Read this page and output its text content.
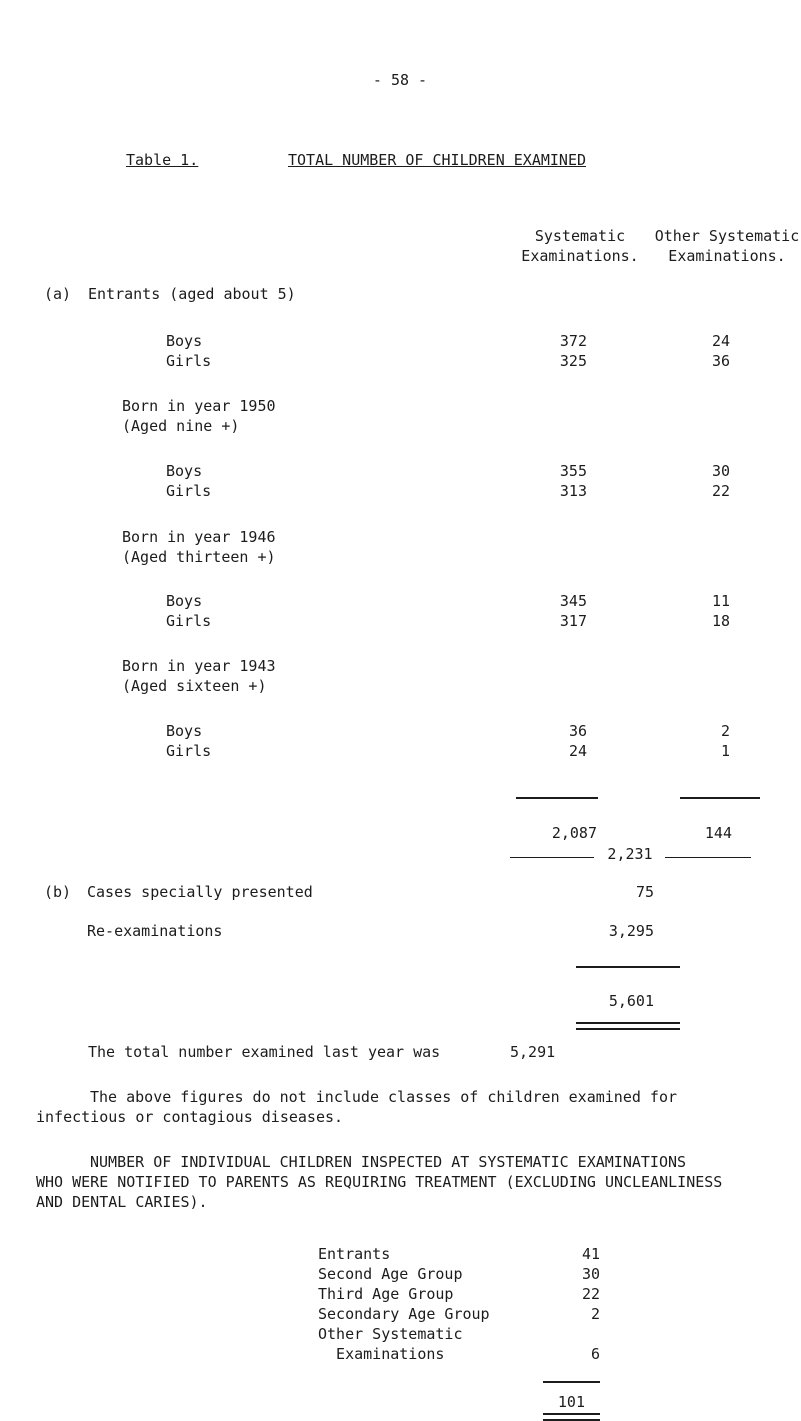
- 58 -
Table 1.	TOTAL NUMBER OF CHILDREN EXAMINED
Systematic
Examinations.
Other Systematic
Examinations.
(a) Entrants (aged about 5)
Boys	372	24
Girls	325	36
Born in year 1950
(Aged nine +)
Boys	355	30
Girls	313	22
Born in year 1946
(Aged thirteen +)
Boys	345	11
Girls	317	18
Born in year 1943
(Aged sixteen +)
Boys	36	2
Girls	24	1
2,087	144
2,231
(b) Cases specially presented	75
Re-examinations	3,295
5,601
The total number examined last year was	5,291
The above figures do not include classes of children examined for
infectious or contagious diseases.
NUMBER OF INDIVIDUAL CHILDREN INSPECTED AT SYSTEMATIC EXAMINATIONS
WHO WERE NOTIFIED TO PARENTS AS REQUIRING TREATMENT (EXCLUDING UNCLEANLINESS
AND DENTAL CARIES).
Entrants	41
Second Age Group	30
Third Age Group	22
Secondary Age Group	2
Other Systematic
Examinations	6
101
